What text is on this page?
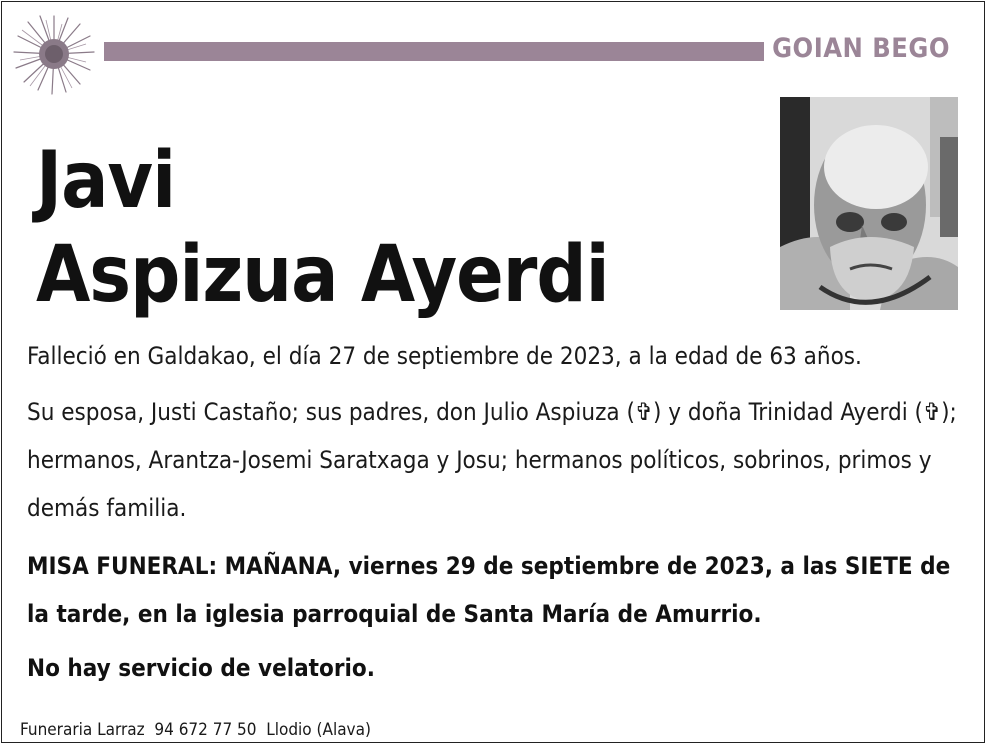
GOIAN BEGO
Javi
Aspizua Ayerdi
Falleció en Galdakao, el día 27 de septiembre de 2023, a la edad de 63 años.
Su esposa, Justi Castaño; sus padres, don Julio Aspiuza (✞) y doña Trinidad Ayerdi (✞); hermanos, Arantza-Josemi Saratxaga y Josu; hermanos políticos, sobrinos, primos y demás familia.
MISA FUNERAL: MAÑANA, viernes 29 de septiembre de 2023, a las SIETE de la tarde, en la iglesia parroquial de Santa María de Amurrio.
No hay servicio de velatorio.
Funeraria Larraz 94 672 77 50 Llodio (Alava)
